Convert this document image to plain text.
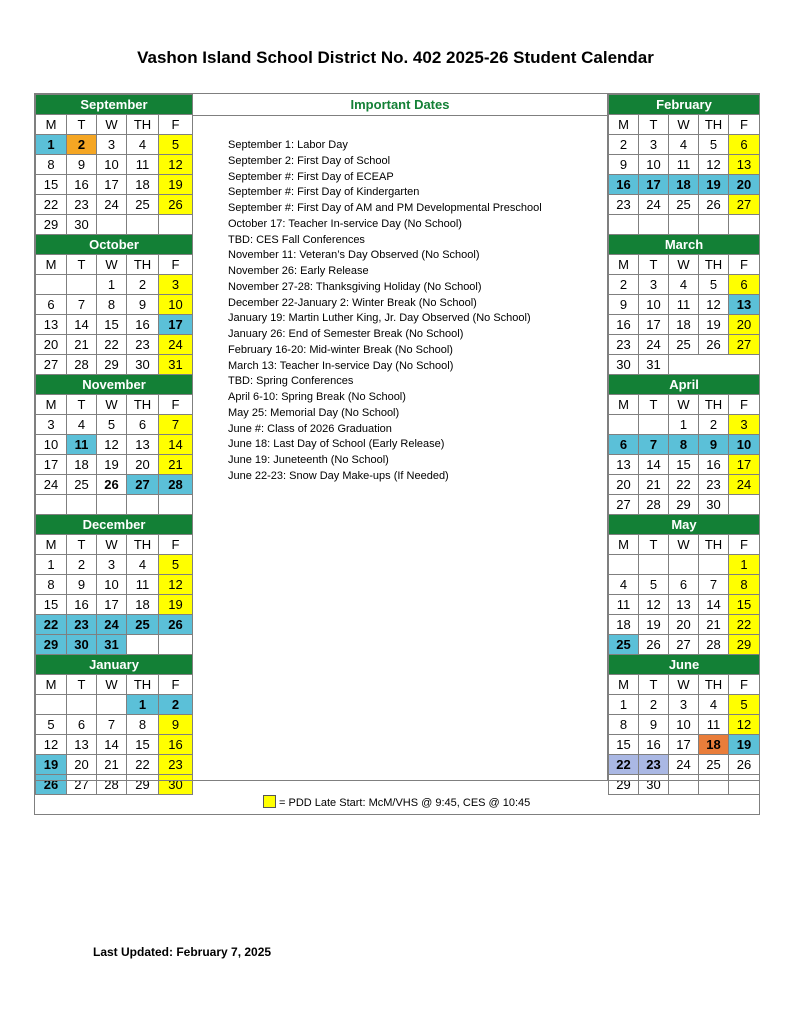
Vashon Island School District No. 402 2025-26 Student Calendar
September				
M	T	W	TH	F
1	2	3	4	5
8	9	10	11	12
15	16	17	18	19
22	23	24	25	26
29	30			
October				
M	T	W	TH	F
		1	2	3
6	7	8	9	10
13	14	15	16	17
20	21	22	23	24
27	28	29	30	31
November				
M	T	W	TH	F
3	4	5	6	7
10	11	12	13	14
17	18	19	20	21
24	25	26	27	28

December				
M	T	W	TH	F
1	2	3	4	5
8	9	10	11	12
15	16	17	18	19
22	23	24	25	26
29	30	31		
January				
M	T	W	TH	F
			1	2
5	6	7	8	9
12	13	14	15	16
19	20	21	22	23
26	27	28	29	30
Important Dates
September 1: Labor Day
September 2: First Day of School
September #: First Day of ECEAP
September #: First Day of Kindergarten
September #: First Day of AM and PM Developmental Preschool
October 17: Teacher In-service Day (No School)
TBD: CES Fall Conferences
November 11: Veteran’s Day Observed (No School)
November 26: Early Release
November 27-28: Thanksgiving Holiday (No School)
December 22-January 2: Winter Break (No School)
January 19: Martin Luther King, Jr. Day Observed (No School)
January 26: End of Semester Break (No School)
February 16-20: Mid-winter Break (No School)
March 13: Teacher In-service Day (No School)
TBD: Spring Conferences
April 6-10: Spring Break (No School)
May 25: Memorial Day (No School)
June #: Class of 2026 Graduation
June 18: Last Day of School (Early Release)
June 19: Juneteenth (No School)
June 22-23: Snow Day Make-ups (If Needed)
February				
M	T	W	TH	F
2	3	4	5	6
9	10	11	12	13
16	17	18	19	20
23	24	25	26	27

March				
M	T	W	TH	F
2	3	4	5	6
9	10	11	12	13
16	17	18	19	20
23	24	25	26	27
30	31			
April				
M	T	W	TH	F
		1	2	3
6	7	8	9	10
13	14	15	16	17
20	21	22	23	24
27	28	29	30	
May				
M	T	W	TH	F
				1
4	5	6	7	8
11	12	13	14	15
18	19	20	21	22
25	26	27	28	29
June				
M	T	W	TH	F
1	2	3	4	5
8	9	10	11	12
15	16	17	18	19
22	23	24	25	26
29	30			
= PDD Late Start: McM/VHS @ 9:45, CES @ 10:45
Last Updated: February 7, 2025
